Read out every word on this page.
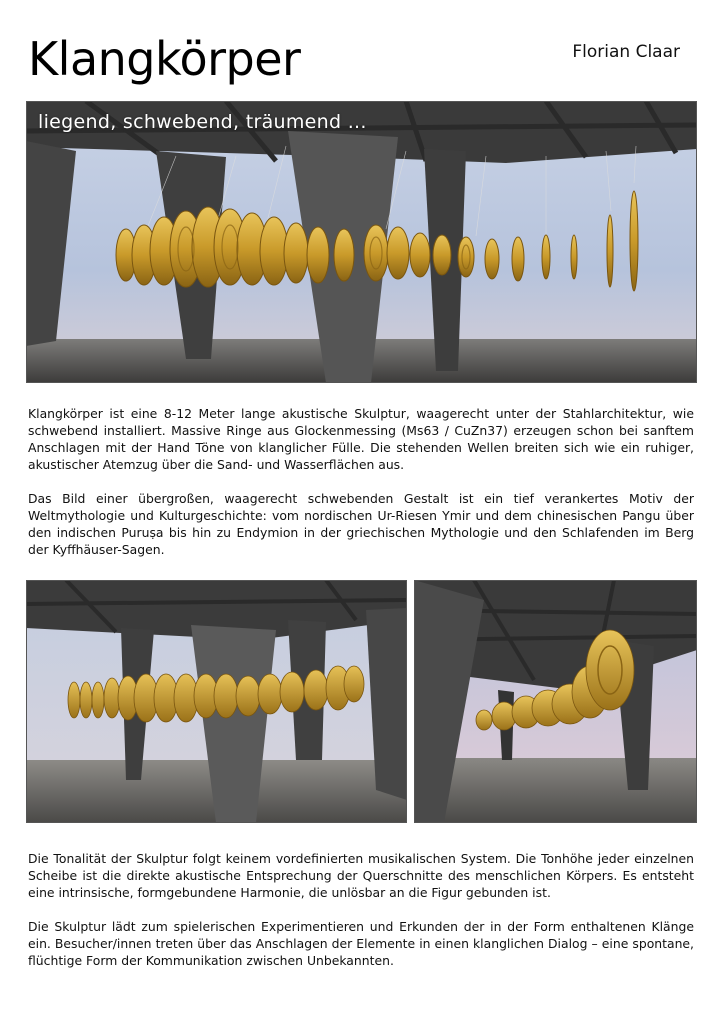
Klangkörper	Florian Claar
liegend, schwebend, träumend ...

Klangkörper ist eine 8-12 Meter lange akustische Skulptur, waagerecht unter der Stahlarchitektur, wie schwebend installiert. Massive Ringe aus Glockenmessing (Ms63 / CuZn37) erzeugen schon bei sanftem Anschlagen mit der Hand Töne von klanglicher Fülle. Die stehenden Wellen breiten sich wie ein ruhiger, akustischer Atemzug über die Sand- und Wasserflächen aus.

Das Bild einer übergroßen, waagerecht schwebenden Gestalt ist ein tief verankertes Motiv der Weltmythologie und Kulturgeschichte: vom nordischen Ur-Riesen Ymir und dem chinesischen Pangu über den indischen Puruṣa bis hin zu Endymion in der griechischen Mythologie und den Schlafenden im Berg der Kyffhäuser-Sagen.

Die Tonalität der Skulptur folgt keinem vordefinierten musikalischen System. Die Tonhöhe jeder einzelnen Scheibe ist die direkte akustische Entsprechung der Querschnitte des menschlichen Körpers. Es entsteht eine intrinsische, formgebundene Harmonie, die unlösbar an die Figur gebunden ist.

Die Skulptur lädt zum spielerischen Experimentieren und Erkunden der in der Form enthaltenen Klänge ein. Besucher/innen treten über das Anschlagen der Elemente in einen klanglichen Dialog – eine spontane, flüchtige Form der Kommunikation zwischen Unbekannten.
